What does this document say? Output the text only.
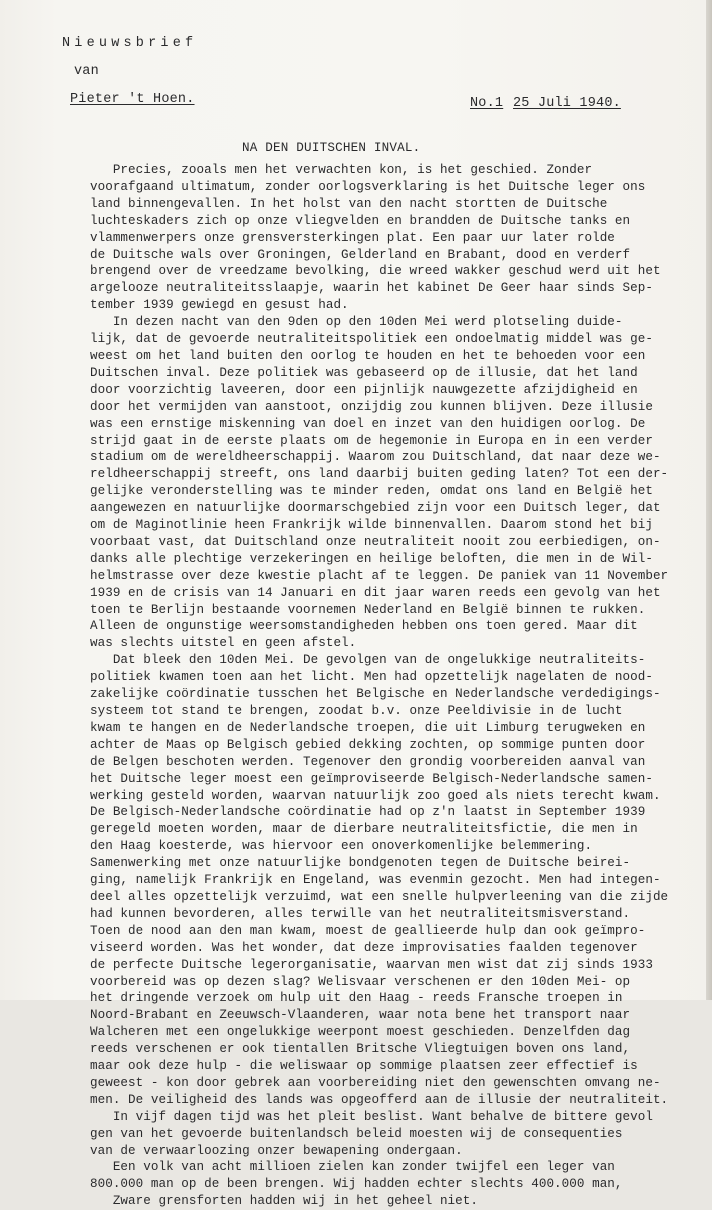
Nieuwsbrief
van
Pieter 't Hoen.	No.1 25 Juli 1940.
NA DEN DUITSCHEN INVAL.
Precies, zooals men het verwachten kon, is het geschied. Zonder
voorafgaand ultimatum, zonder oorlogsverklaring is het Duitsche leger ons
land binnengevallen. In het holst van den nacht stortten de Duitsche
luchteskaders zich op onze vliegvelden en brandden de Duitsche tanks en
vlammenwerpers onze grensversterkingen plat. Een paar uur later rolde
de Duitsche wals over Groningen, Gelderland en Brabant, dood en verderf
brengend over de vreedzame bevolking, die wreed wakker geschud werd uit het
argelooze neutraliteitsslaapje, waarin het kabinet De Geer haar sinds Sep-
tember 1939 gewiegd en gesust had.
In dezen nacht van den 9den op den 10den Mei werd plotseling duide-
lijk, dat de gevoerde neutraliteitspolitiek een ondoelmatig middel was ge-
weest om het land buiten den oorlog te houden en het te behoeden voor een
Duitschen inval. Deze politiek was gebaseerd op de illusie, dat het land
door voorzichtig laveeren, door een pijnlijk nauwgezette afzijdigheid en
door het vermijden van aanstoot, onzijdig zou kunnen blijven. Deze illusie
was een ernstige miskenning van doel en inzet van den huidigen oorlog. De
strijd gaat in de eerste plaats om de hegemonie in Europa en in een verder
stadium om de wereldheerschappij. Waarom zou Duitschland, dat naar deze we-
reldheerschappij streeft, ons land daarbij buiten geding laten? Tot een der-
gelijke veronderstelling was te minder reden, omdat ons land en België het
aangewezen en natuurlijke doormarschgebied zijn voor een Duitsch leger, dat
om de Maginotlinie heen Frankrijk wilde binnenvallen. Daarom stond het bij
voorbaat vast, dat Duitschland onze neutraliteit nooit zou eerbiedigen, on-
danks alle plechtige verzekeringen en heilige beloften, die men in de Wil-
helmstrasse over deze kwestie placht af te leggen. De paniek van 11 November
1939 en de crisis van 14 Januari en dit jaar waren reeds een gevolg van het
toen te Berlijn bestaande voornemen Nederland en België binnen te rukken.
Alleen de ongunstige weersomstandigheden hebben ons toen gered. Maar dit
was slechts uitstel en geen afstel.
Dat bleek den 10den Mei. De gevolgen van de ongelukkige neutraliteits-
politiek kwamen toen aan het licht. Men had opzettelijk nagelaten de nood-
zakelijke coördinatie tusschen het Belgische en Nederlandsche verdedigings-
systeem tot stand te brengen, zoodat b.v. onze Peeldivisie in de lucht
kwam te hangen en de Nederlandsche troepen, die uit Limburg terugweken en
achter de Maas op Belgisch gebied dekking zochten, op sommige punten door
de Belgen beschoten werden. Tegenover den grondig voorbereiden aanval van
het Duitsche leger moest een geïmproviseerde Belgisch-Nederlandsche samen-
werking gesteld worden, waarvan natuurlijk zoo goed als niets terecht kwam.
De Belgisch-Nederlandsche coördinatie had op z'n laatst in September 1939
geregeld moeten worden, maar de dierbare neutraliteitsfictie, die men in
den Haag koesterde, was hiervoor een onoverkomenlijke belemmering.
Samenwerking met onze natuurlijke bondgenoten tegen de Duitsche beirei-
ging, namelijk Frankrijk en Engeland, was evenmin gezocht. Men had integen-
deel alles opzettelijk verzuimd, wat een snelle hulpverleening van die zijde
had kunnen bevorderen, alles terwille van het neutraliteitsmisverstand.
Toen de nood aan den man kwam, moest de geallieerde hulp dan ook geïmpro-
viseerd worden. Was het wonder, dat deze improvisaties faalden tegenover
de perfecte Duitsche legerorganisatie, waarvan men wist dat zij sinds 1933
voorbereid was op dezen slag? Welisvaar verschenen er den 10den Mei- op
het dringende verzoek om hulp uit den Haag - reeds Fransche troepen in
Noord-Brabant en Zeeuwsch-Vlaanderen, waar nota bene het transport naar
Walcheren met een ongelukkige weerpont moest geschieden. Denzelfden dag
reeds verschenen er ook tientallen Britsche Vliegtuigen boven ons land,
maar ook deze hulp - die weliswaar op sommige plaatsen zeer effectief is
geweest - kon door gebrek aan voorbereiding niet den gewenschten omvang ne-
men. De veiligheid des lands was opgeofferd aan de illusie der neutraliteit.
In vijf dagen tijd was het pleit beslist. Want behalve de bittere gevol
gen van het gevoerde buitenlandsch beleid moesten wij de consequenties
van de verwaarloozing onzer bewapening ondergaan.
Een volk van acht millioen zielen kan zonder twijfel een leger van
800.000 man op de been brengen. Wij hadden echter slechts 400.000 man,
Zware grensforten hadden wij in het geheel niet.
